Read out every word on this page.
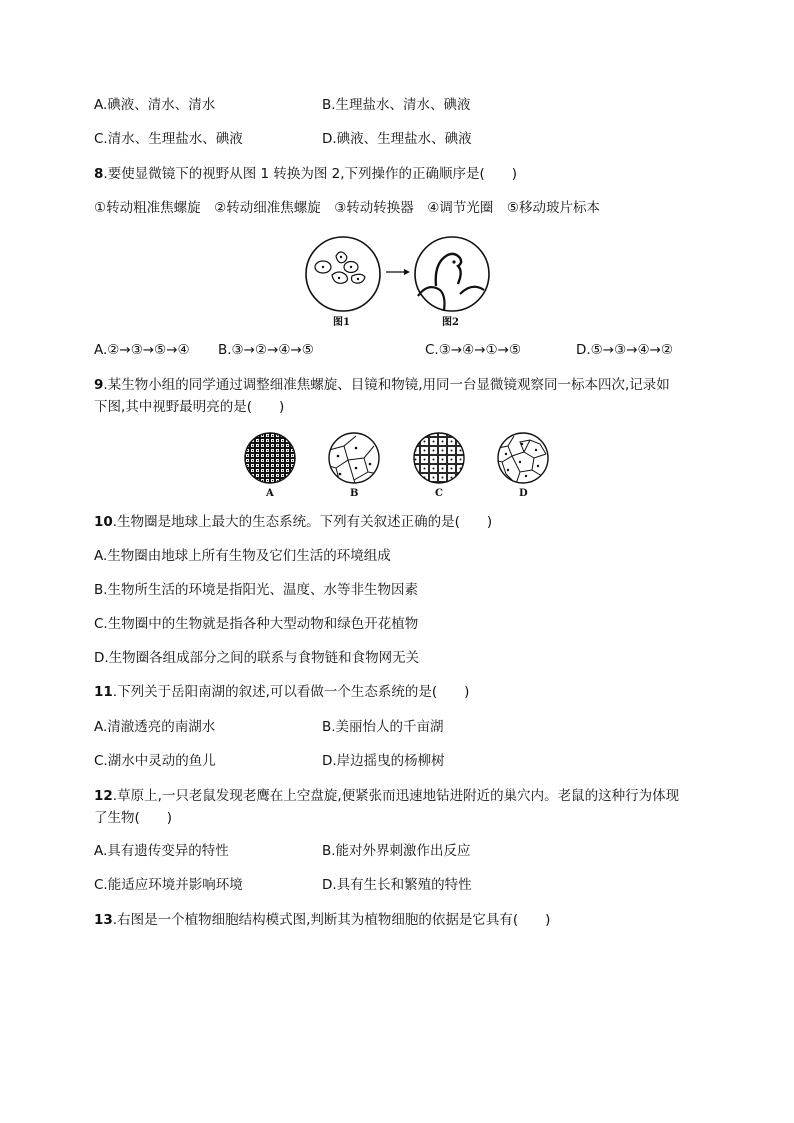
A.碘液、清水、清水	B.生理盐水、清水、碘液
C.清水、生理盐水、碘液	D.碘液、生理盐水、碘液
8.要使显微镜下的视野从图 1 转换为图 2,下列操作的正确顺序是(　　)
①转动粗准焦螺旋　②转动细准焦螺旋　③转动转换器　④调节光圈　⑤移动玻片标本
图1	图2
A.②→③→⑤→④ B.③→②→④→⑤	C.③→④→①→⑤	D.⑤→③→④→②
9.某生物小组的同学通过调整细准焦螺旋、目镜和物镜,用同一台显微镜观察同一标本四次,记录如
下图,其中视野最明亮的是(　　)
A	B	C	D
10.生物圈是地球上最大的生态系统。下列有关叙述正确的是(　　)
A.生物圈由地球上所有生物及它们生活的环境组成
B.生物所生活的环境是指阳光、温度、水等非生物因素
C.生物圈中的生物就是指各种大型动物和绿色开花植物
D.生物圈各组成部分之间的联系与食物链和食物网无关
11.下列关于岳阳南湖的叙述,可以看做一个生态系统的是(　　)
A.清澈透亮的南湖水	B.美丽怡人的千亩湖
C.湖水中灵动的鱼儿	D.岸边摇曳的杨柳树
12.草原上,一只老鼠发现老鹰在上空盘旋,便紧张而迅速地钻进附近的巢穴内。老鼠的这种行为体现
了生物(　　)
A.具有遗传变异的特性	B.能对外界刺激作出反应
C.能适应环境并影响环境	D.具有生长和繁殖的特性
13.右图是一个植物细胞结构模式图,判断其为植物细胞的依据是它具有(　　)
